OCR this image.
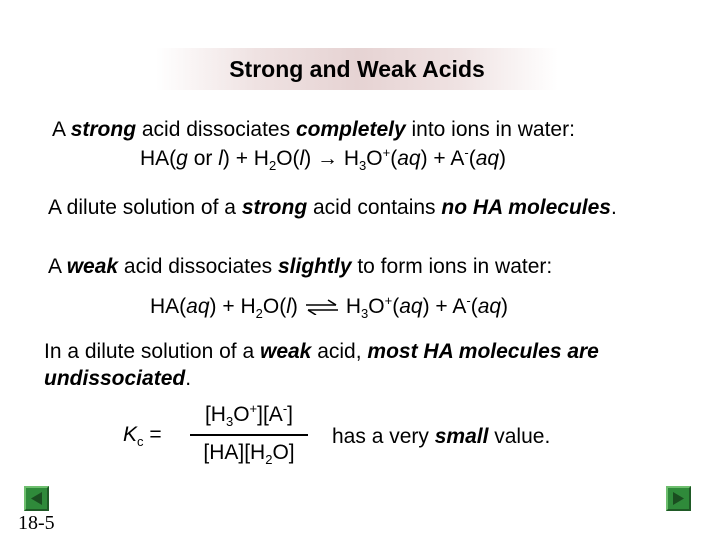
Strong and Weak Acids
A strong acid dissociates completely into ions in water:
HA(g or $l) + H_2O(l) \to H_3O^+(aq) + A^-(aq)$
A dilute solution of a strong acid contains no HA molecules.
A weak acid dissociates slightly to form ions in water:
$HA(aq) + H_2O(l)$ ⇌ $H_3O^+(aq) + A^-(aq)$
In a dilute solution of a weak acid, most HA molecules are
undissociated.
$K_c$ =
$[H_3O^+][A^-]$
$[HA][H_2O]$
has a very small value.
18-5
